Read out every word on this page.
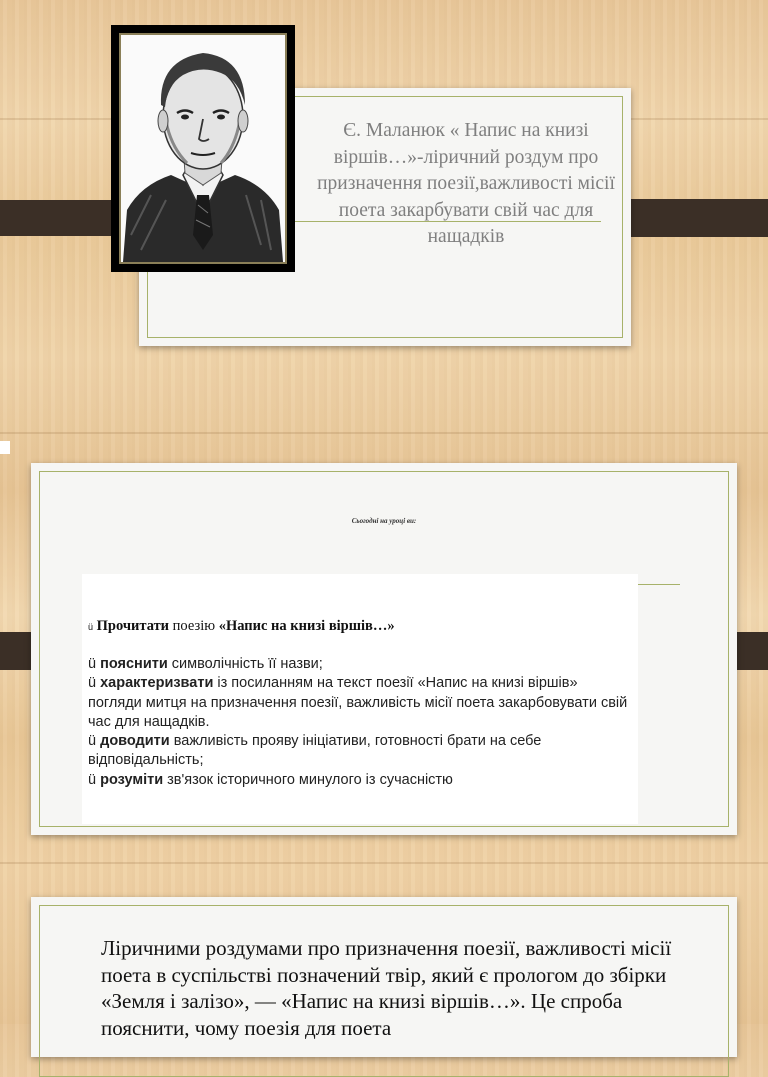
Є. Маланюк « Напис на книзі віршів…»-ліричний роздум про призначення поезії,важливості місії поета закарбувати свій час для нащадків
Сьогодні на уроці ви:
ü Прочитати поезію «Напис на книзі віршів…»
ü пояснити символічність її назви;
ü характеризвати із посиланням на текст поезії «Напис на книзі віршів» погляди митця на призначення поезії, важливість місії поета закарбовувати свій час для нащадків.
ü доводити важливість прояву ініціативи, готовності брати на себе відповідальність;
ü розуміти зв'язок історичного минулого із сучасністю
Ліричними роздумами про призначення поезії, важливості місії поета в суспільстві позначений твір, який є прологом до збірки «Земля і залізо», — «Напис на книзі віршів…». Це спроба пояснити, чому поезія для поета
